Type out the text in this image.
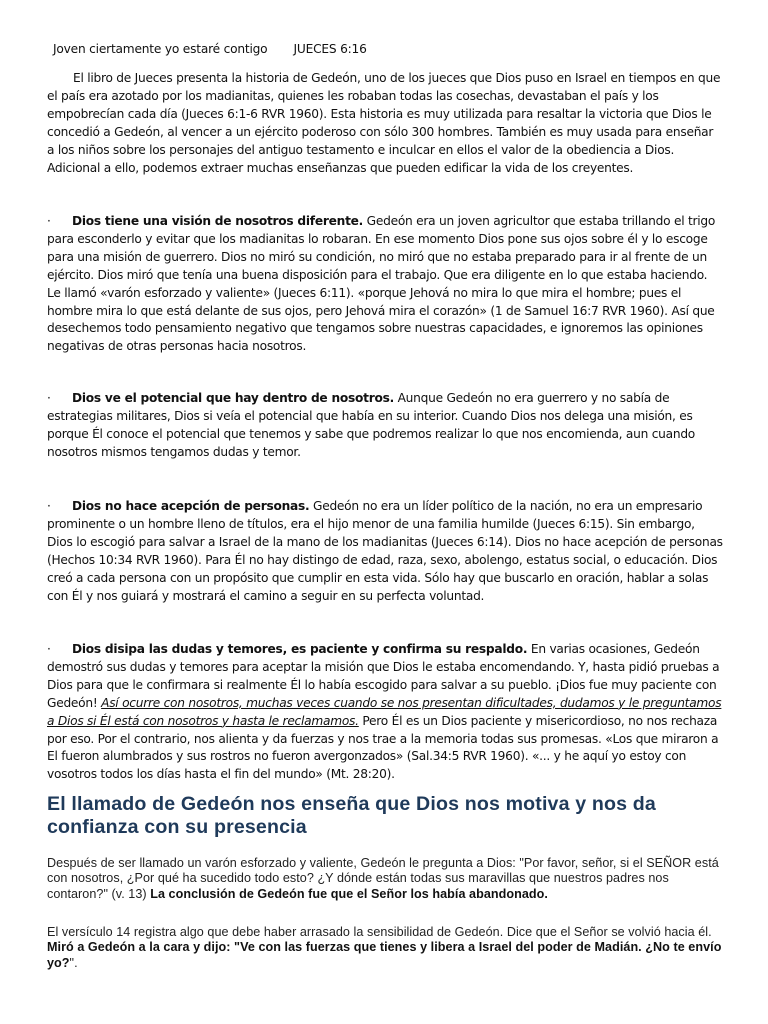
Joven ciertamente yo estaré contigo JUECES 6:16
El libro de Jueces presenta la historia de Gedeón, uno de los jueces que Dios puso en Israel en tiempos en que el país era azotado por los madianitas, quienes les robaban todas las cosechas, devastaban el país y los empobrecían cada día (Jueces 6:1-6 RVR 1960). Esta historia es muy utilizada para resaltar la victoria que Dios le concedió a Gedeón, al vencer a un ejército poderoso con sólo 300 hombres. También es muy usada para enseñar a los niños sobre los personajes del antiguo testamento e inculcar en ellos el valor de la obediencia a Dios. Adicional a ello, podemos extraer muchas enseñanzas que pueden edificar la vida de los creyentes.
· Dios tiene una visión de nosotros diferente. Gedeón era un joven agricultor que estaba trillando el trigo para esconderlo y evitar que los madianitas lo robaran. En ese momento Dios pone sus ojos sobre él y lo escoge para una misión de guerrero. Dios no miró su condición, no miró que no estaba preparado para ir al frente de un ejército. Dios miró que tenía una buena disposición para el trabajo. Que era diligente en lo que estaba haciendo. Le llamó «varón esforzado y valiente» (Jueces 6:11). «porque Jehová no mira lo que mira el hombre; pues el hombre mira lo que está delante de sus ojos, pero Jehová mira el corazón» (1 de Samuel 16:7 RVR 1960). Así que desechemos todo pensamiento negativo que tengamos sobre nuestras capacidades, e ignoremos las opiniones negativas de otras personas hacia nosotros.
· Dios ve el potencial que hay dentro de nosotros. Aunque Gedeón no era guerrero y no sabía de estrategias militares, Dios si veía el potencial que había en su interior. Cuando Dios nos delega una misión, es porque Él conoce el potencial que tenemos y sabe que podremos realizar lo que nos encomienda, aun cuando nosotros mismos tengamos dudas y temor.
· Dios no hace acepción de personas. Gedeón no era un líder político de la nación, no era un empresario prominente o un hombre lleno de títulos, era el hijo menor de una familia humilde (Jueces 6:15). Sin embargo, Dios lo escogió para salvar a Israel de la mano de los madianitas (Jueces 6:14). Dios no hace acepción de personas (Hechos 10:34 RVR 1960). Para Él no hay distingo de edad, raza, sexo, abolengo, estatus social, o educación. Dios creó a cada persona con un propósito que cumplir en esta vida. Sólo hay que buscarlo en oración, hablar a solas con Él y nos guiará y mostrará el camino a seguir en su perfecta voluntad.
· Dios disipa las dudas y temores, es paciente y confirma su respaldo. En varias ocasiones, Gedeón demostró sus dudas y temores para aceptar la misión que Dios le estaba encomendando. Y, hasta pidió pruebas a Dios para que le confirmara si realmente Él lo había escogido para salvar a su pueblo. ¡Dios fue muy paciente con Gedeón! Así ocurre con nosotros, muchas veces cuando se nos presentan dificultades, dudamos y le preguntamos a Dios si Él está con nosotros y hasta le reclamamos. Pero Él es un Dios paciente y misericordioso, no nos rechaza por eso. Por el contrario, nos alienta y da fuerzas y nos trae a la memoria todas sus promesas. «Los que miraron a El fueron alumbrados y sus rostros no fueron avergonzados» (Sal.34:5 RVR 1960). «... y he aquí yo estoy con vosotros todos los días hasta el fin del mundo» (Mt. 28:20).
El llamado de Gedeón nos enseña que Dios nos motiva y nos da confianza con su presencia
Después de ser llamado un varón esforzado y valiente, Gedeón le pregunta a Dios: "Por favor, señor, si el SEÑOR está con nosotros, ¿Por qué ha sucedido todo esto? ¿Y dónde están todas sus maravillas que nuestros padres nos contaron?" (v. 13) La conclusión de Gedeón fue que el Señor los había abandonado.
El versículo 14 registra algo que debe haber arrasado la sensibilidad de Gedeón. Dice que el Señor se volvió hacia él. Miró a Gedeón a la cara y dijo: "Ve con las fuerzas que tienes y libera a Israel del poder de Madián. ¿No te envío yo?".
